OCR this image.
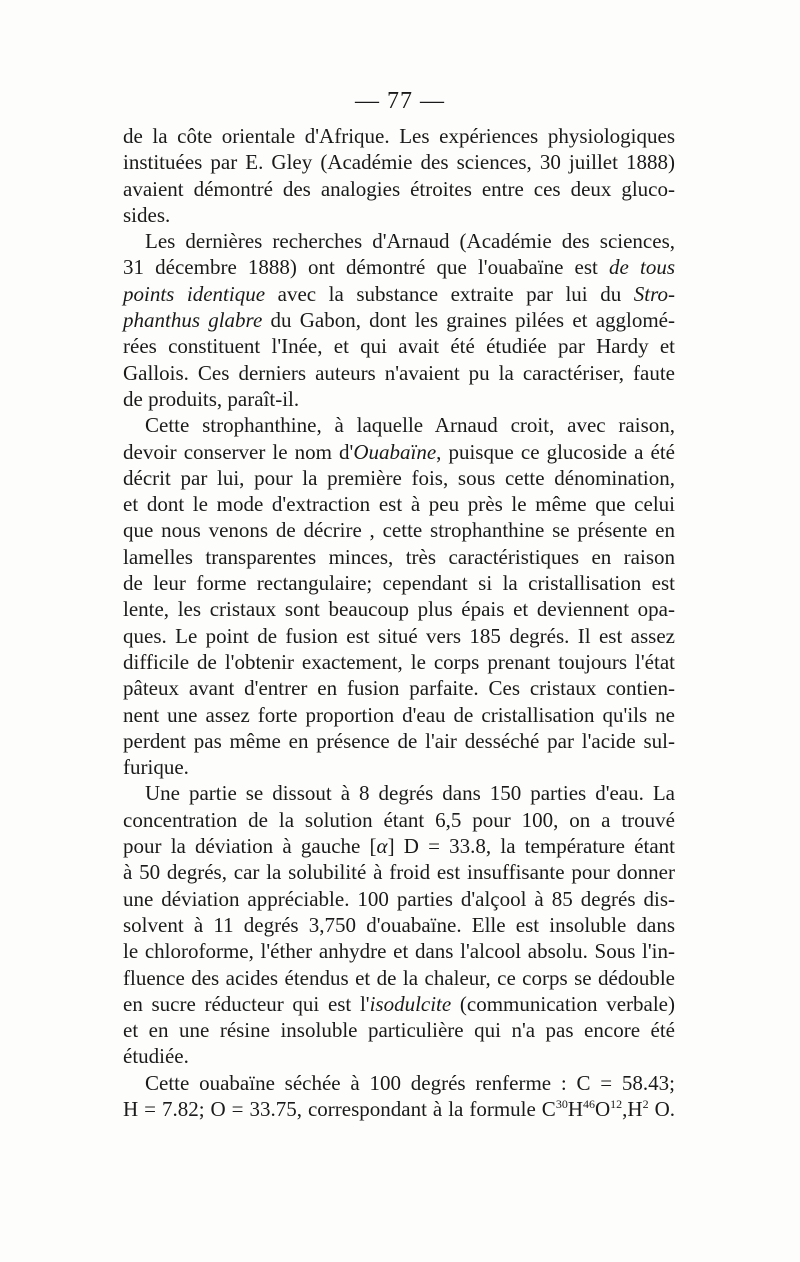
— 77 —
de la côte orientale d'Afrique. Les expériences physiologiques
instituées par E. Gley (Académie des sciences, 30 juillet 1888)
avaient démontré des analogies étroites entre ces deux gluco-
sides.
Les dernières recherches d'Arnaud (Académie des sciences,
31 décembre 1888) ont démontré que l'ouabaïne est de tous
points identique avec la substance extraite par lui du Stro-
phanthus glabre du Gabon, dont les graines pilées et agglomé-
rées constituent l'Inée, et qui avait été étudiée par Hardy et
Gallois. Ces derniers auteurs n'avaient pu la caractériser, faute
de produits, paraît-il.
Cette strophanthine, à laquelle Arnaud croit, avec raison,
devoir conserver le nom d'Ouabaïne, puisque ce glucoside a été
décrit par lui, pour la première fois, sous cette dénomination,
et dont le mode d'extraction est à peu près le même que celui
que nous venons de décrire , cette strophanthine se présente en
lamelles transparentes minces, très caractéristiques en raison
de leur forme rectangulaire; cependant si la cristallisation est
lente, les cristaux sont beaucoup plus épais et deviennent opa-
ques. Le point de fusion est situé vers 185 degrés. Il est assez
difficile de l'obtenir exactement, le corps prenant toujours l'état
pâteux avant d'entrer en fusion parfaite. Ces cristaux contien-
nent une assez forte proportion d'eau de cristallisation qu'ils ne
perdent pas même en présence de l'air desséché par l'acide sul-
furique.
Une partie se dissout à 8 degrés dans 150 parties d'eau. La
concentration de la solution étant 6,5 pour 100, on a trouvé
pour la déviation à gauche [α] D = 33.8, la température étant
à 50 degrés, car la solubilité à froid est insuffisante pour donner
une déviation appréciable. 100 parties d'alçool à 85 degrés dis-
solvent à 11 degrés 3,750 d'ouabaïne. Elle est insoluble dans
le chloroforme, l'éther anhydre et dans l'alcool absolu. Sous l'in-
fluence des acides étendus et de la chaleur, ce corps se dédouble
en sucre réducteur qui est l'isodulcite (communication verbale)
et en une résine insoluble particulière qui n'a pas encore été
étudiée.
Cette ouabaïne séchée à 100 degrés renferme : C = 58.43;
H = 7.82; O = 33.75, correspondant à la formule $C^{30}H^{46}O^{12},H^2$ O.
